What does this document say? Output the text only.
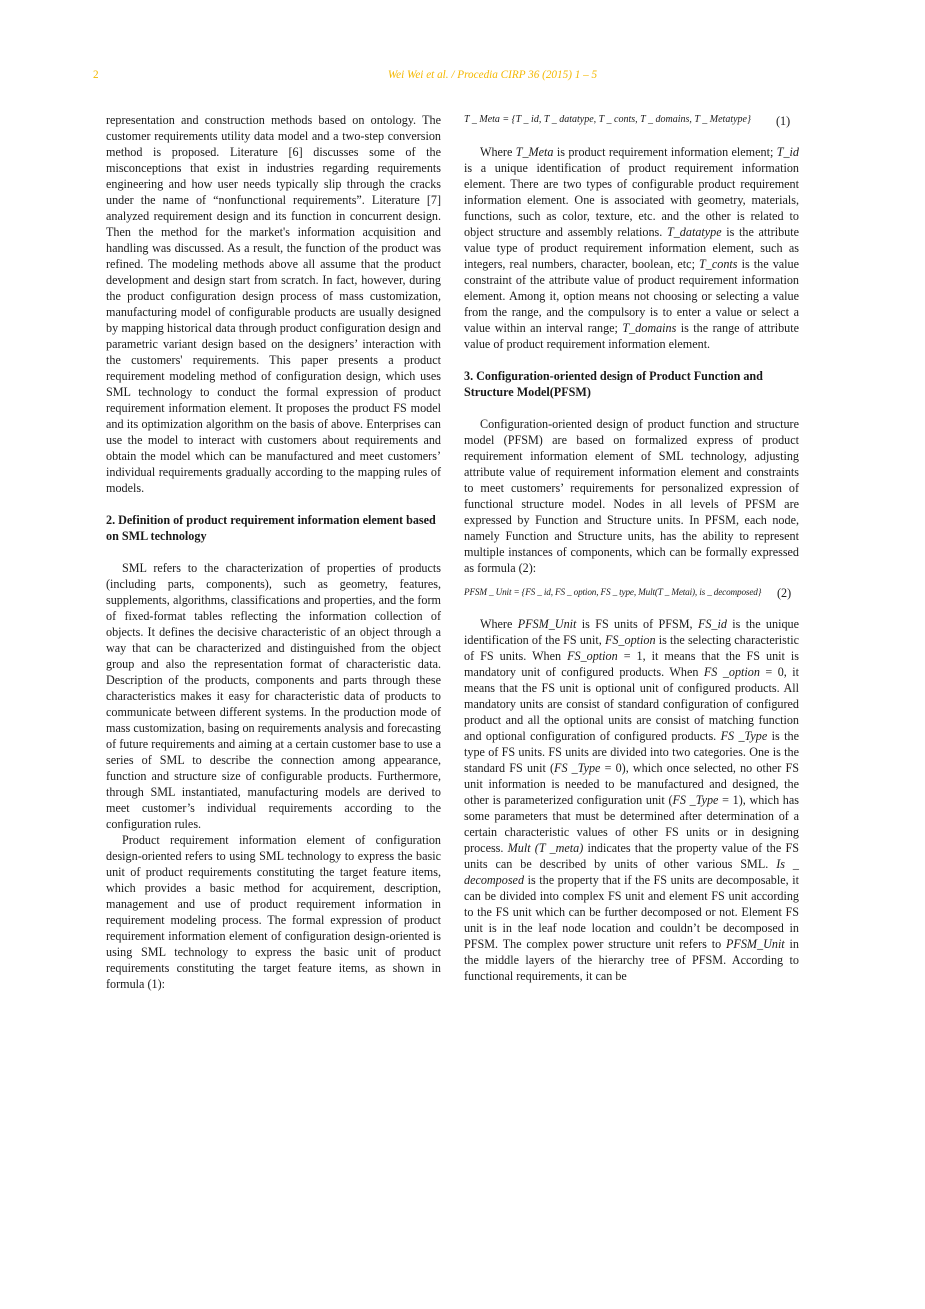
2	Wei Wei et al. / Procedia CIRP 36 (2015) 1 – 5

representation and construction methods based on ontology. The customer requirements utility data model and a two-step conversion method is proposed. Literature [6] discusses some of the misconceptions that exist in industries regarding requirements engineering and how user needs typically slip through the cracks under the name of “nonfunctional requirements”. Literature [7] analyzed requirement design and its function in concurrent design. Then the method for the market's information acquisition and handling was discussed. As a result, the function of the product was refined. The modeling methods above all assume that the product development and design start from scratch. In fact, however, during the product configuration design process of mass customization, manufacturing model of configurable products are usually designed by mapping historical data through product configuration design and parametric variant design based on the designers’ interaction with the customers' requirements. This paper presents a product requirement modeling method of configuration design, which uses SML technology to conduct the formal expression of product requirement information element. It proposes the product FS model and its optimization algorithm on the basis of above. Enterprises can use the model to interact with customers about requirements and obtain the model which can be manufactured and meet customers’ individual requirements gradually according to the mapping rules of models.

2. Definition of product requirement information element based on SML technology

SML refers to the characterization of properties of products (including parts, components), such as geometry, features, supplements, algorithms, classifications and properties, and the form of fixed-format tables reflecting the information collection of objects. It defines the decisive characteristic of an object through a way that can be characterized and distinguished from the object group and also the representation format of characteristic data. Description of the products, components and parts through these characteristics makes it easy for characteristic data of products to communicate between different systems. In the production mode of mass customization, basing on requirements analysis and forecasting of future requirements and aiming at a certain customer base to use a series of SML to describe the connection among appearance, function and structure size of configurable products. Furthermore, through SML instantiated, manufacturing models are derived to meet customer’s individual requirements according to the configuration rules.

Product requirement information element of configuration design-oriented refers to using SML technology to express the basic unit of product requirements constituting the target feature items, which provides a basic method for acquirement, description, management and use of product requirement information in requirement modeling process. The formal expression of product requirement information element of configuration design-oriented is using SML technology to express the basic unit of product requirements constituting the target feature items, as shown in formula (1):

T _ Meta = {T _ id, T _ datatype, T _ conts, T _ domains, T _ Metatype} (1)

Where T_Meta is product requirement information element; T_id is a unique identification of product requirement information element. There are two types of configurable product requirement information element. One is associated with geometry, materials, functions, such as color, texture, etc. and the other is related to object structure and assembly relations. T_datatype is the attribute value type of product requirement information element, such as integers, real numbers, character, boolean, etc; T_conts is the value constraint of the attribute value of product requirement information element. Among it, option means not choosing or selecting a value from the range, and the compulsory is to enter a value or select a value within an interval range; T_domains is the range of attribute value of product requirement information element.

3. Configuration-oriented design of Product Function and Structure Model(PFSM)

Configuration-oriented design of product function and structure model (PFSM) are based on formalized express of product requirement information element of SML technology, adjusting attribute value of requirement information element and constraints to meet customers’ requirements for personalized expression of functional structure model. Nodes in all levels of PFSM are expressed by Function and Structure units. In PFSM, each node, namely Function and Structure units, has the ability to represent multiple instances of components, which can be formally expressed as formula (2):

PFSM _ Unit = {FS _ id, FS _ option, FS _ type, Mult(T _ Metai), is _ decomposed} (2)

Where PFSM_Unit is FS units of PFSM, FS_id is the unique identification of the FS unit, FS_option is the selecting characteristic of FS units. When FS_option = 1, it means that the FS unit is mandatory unit of configured products. When FS _option = 0, it means that the FS unit is optional unit of configured products. All mandatory units are consist of standard configuration of configured product and all the optional units are consist of matching function and optional configuration of configured products. FS _Type is the type of FS units. FS units are divided into two categories. One is the standard FS unit (FS _Type = 0), which once selected, no other FS unit information is needed to be manufactured and designed, the other is parameterized configuration unit (FS _Type = 1), which has some parameters that must be determined after determination of a certain characteristic values of other FS units or in designing process. Mult (T _meta) indicates that the property value of the FS units can be described by units of other various SML. Is _ decomposed is the property that if the FS units are decomposable, it can be divided into complex FS unit and element FS unit according to the FS unit which can be further decomposed or not. Element FS unit is in the leaf node location and couldn’t be decomposed in PFSM. The complex power structure unit refers to PFSM_Unit in the middle layers of the hierarchy tree of PFSM. According to functional requirements, it can be
